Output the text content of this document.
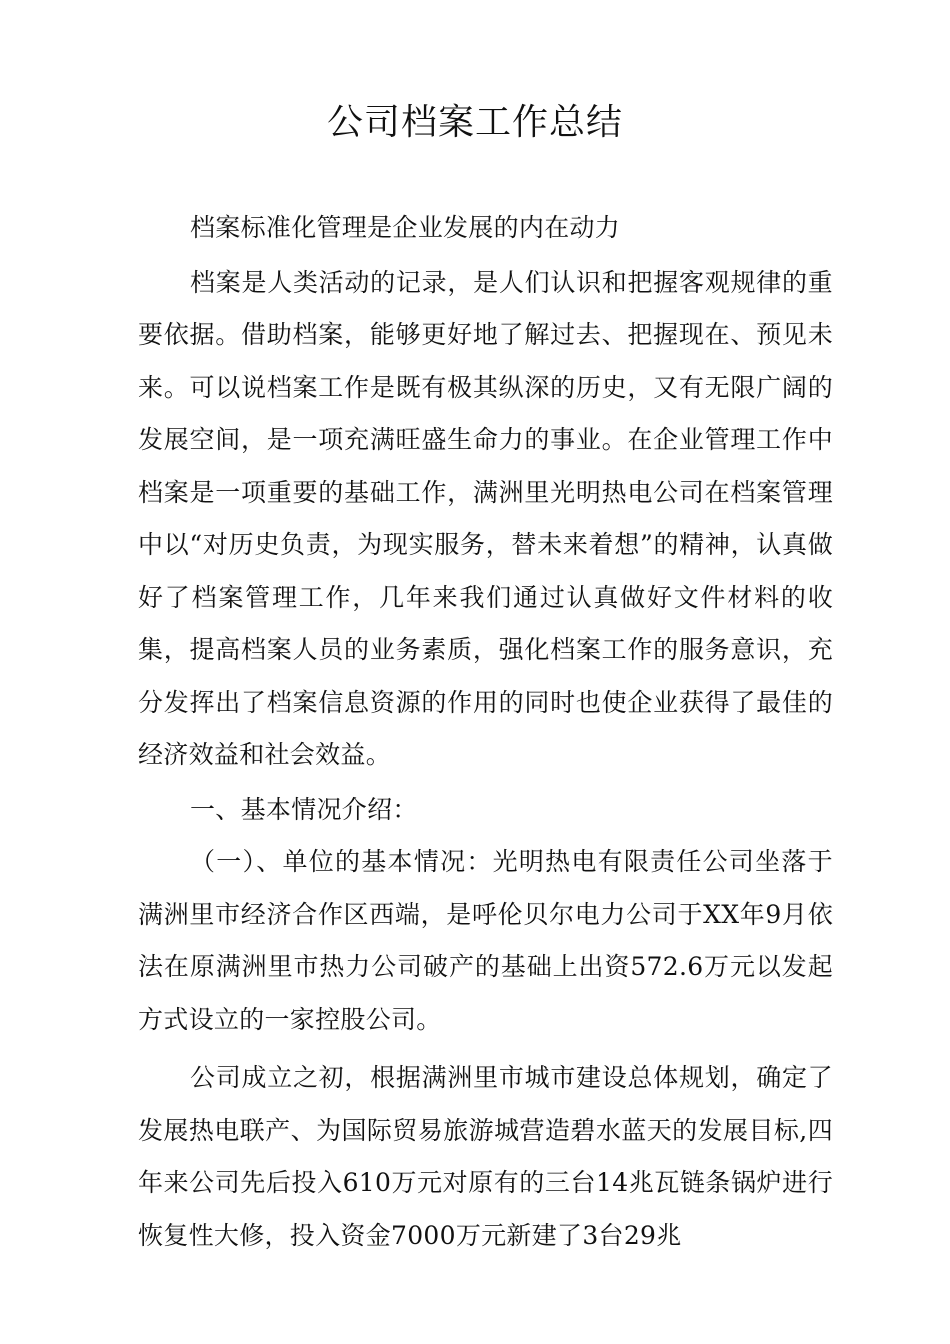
公司档案工作总结

档案标准化管理是企业发展的内在动力

档案是人类活动的记录，是人们认识和把握客观规律的重要依据。借助档案，能够更好地了解过去、把握现在、预见未来。可以说档案工作是既有极其纵深的历史，又有无限广阔的发展空间，是一项充满旺盛生命力的事业。在企业管理工作中档案是一项重要的基础工作，满洲里光明热电公司在档案管理中以“对历史负责，为现实服务，替未来着想”的精神，认真做好了档案管理工作，几年来我们通过认真做好文件材料的收集，提高档案人员的业务素质，强化档案工作的服务意识，充分发挥出了档案信息资源的作用的同时也使企业获得了最佳的经济效益和社会效益。

一、基本情况介绍：

（一）、单位的基本情况：光明热电有限责任公司坐落于满洲里市经济合作区西端，是呼伦贝尔电力公司于XX年9月依法在原满洲里市热力公司破产的基础上出资572.6万元以发起方式设立的一家控股公司。

公司成立之初，根据满洲里市城市建设总体规划，确定了发展热电联产、为国际贸易旅游城营造碧水蓝天的发展目标,四年来公司先后投入610万元对原有的三台14兆瓦链条锅炉进行恢复性大修，投入资金7000万元新建了3台29兆
